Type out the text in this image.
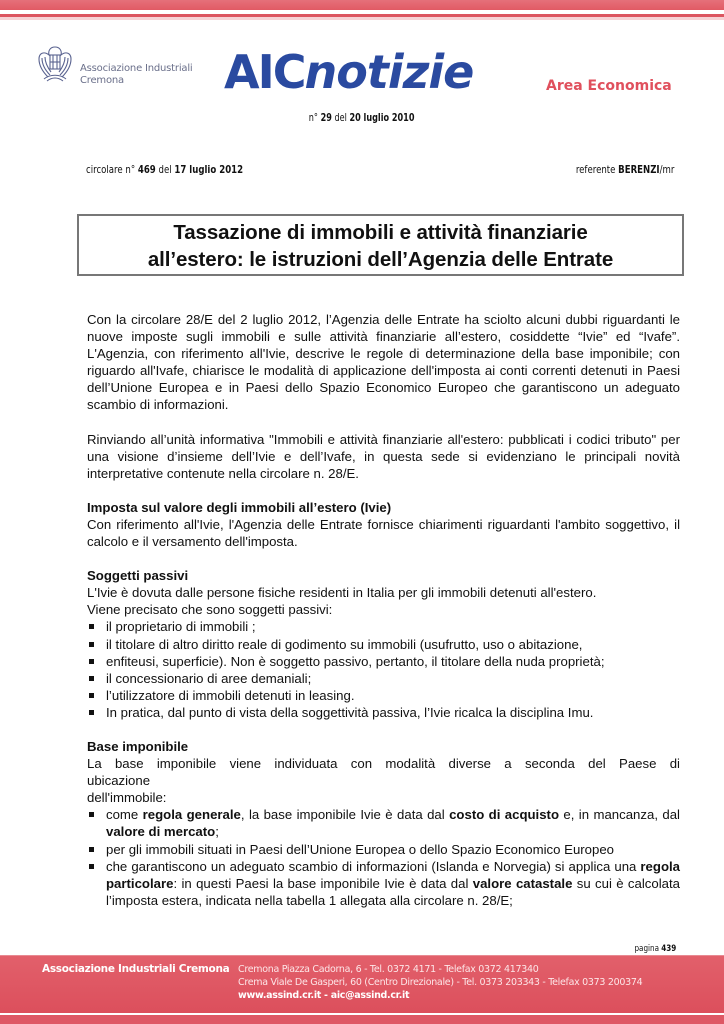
Associazione Industriali
Cremona	AICnotizie	Area Economica
n° 29 del 20 luglio 2010
circolare n° 469 del 17 luglio 2012	referente BERENZI/mr
Tassazione di immobili e attività finanziarie
all’estero: le istruzioni dell’Agenzia delle Entrate

Con la circolare 28/E del 2 luglio 2012, l’Agenzia delle Entrate ha sciolto alcuni dubbi riguardanti le nuove imposte sugli immobili e sulle attività finanziarie all’estero, cosiddette “Ivie” ed “Ivafe”. L'Agenzia, con riferimento all'Ivie, descrive le regole di determinazione della base imponibile; con riguardo all'Ivafe, chiarisce le modalità di applicazione dell'imposta ai conti correnti detenuti in Paesi dell’Unione Europea e in Paesi dello Spazio Economico Europeo che garantiscono un adeguato scambio di informazioni.

Rinviando all’unità informativa "Immobili e attività finanziarie all'estero: pubblicati i codici tributo" per una visione d’insieme dell’Ivie e dell’Ivafe, in questa sede si evidenziano le principali novità interpretative contenute nella circolare n. 28/E.

Imposta sul valore degli immobili all’estero (Ivie)

Con riferimento all'Ivie, l'Agenzia delle Entrate fornisce chiarimenti riguardanti l'ambito soggettivo, il calcolo e il versamento dell'imposta.

Soggetti passivi

L'Ivie è dovuta dalle persone fisiche residenti in Italia per gli immobili detenuti all'estero.

Viene precisato che sono soggetti passivi:

il proprietario di immobili ;
il titolare di altro diritto reale di godimento su immobili (usufrutto, uso o abitazione,
enfiteusi, superficie). Non è soggetto passivo, pertanto, il titolare della nuda proprietà;
il concessionario di aree demaniali;
l’utilizzatore di immobili detenuti in leasing.
In pratica, dal punto di vista della soggettività passiva, l’Ivie ricalca la disciplina Imu.
Base imponibile

La base imponibile viene individuata con modalità diverse a seconda del Paese di

ubicazione

dell'immobile:

come regola generale, la base imponibile Ivie è data dal costo di acquisto e, in mancanza, dal valore di mercato;
per gli immobili situati in Paesi dell’Unione Europea o dello Spazio Economico Europeo
che garantiscono un adeguato scambio di informazioni (Islanda e Norvegia) si applica una regola particolare: in questi Paesi la base imponibile Ivie è data dal valore catastale su cui è calcolata l’imposta estera, indicata nella tabella 1 allegata alla circolare n. 28/E;
pagina 439
Associazione Industriali Cremona Cremona Piazza Cadorna, 6 - Tel. 0372 4171 - Telefax 0372 417340
Crema Viale De Gasperi, 60 (Centro Direzionale) - Tel. 0373 203343 - Telefax 0373 200374
www.assind.cr.it - aic@assind.cr.it
